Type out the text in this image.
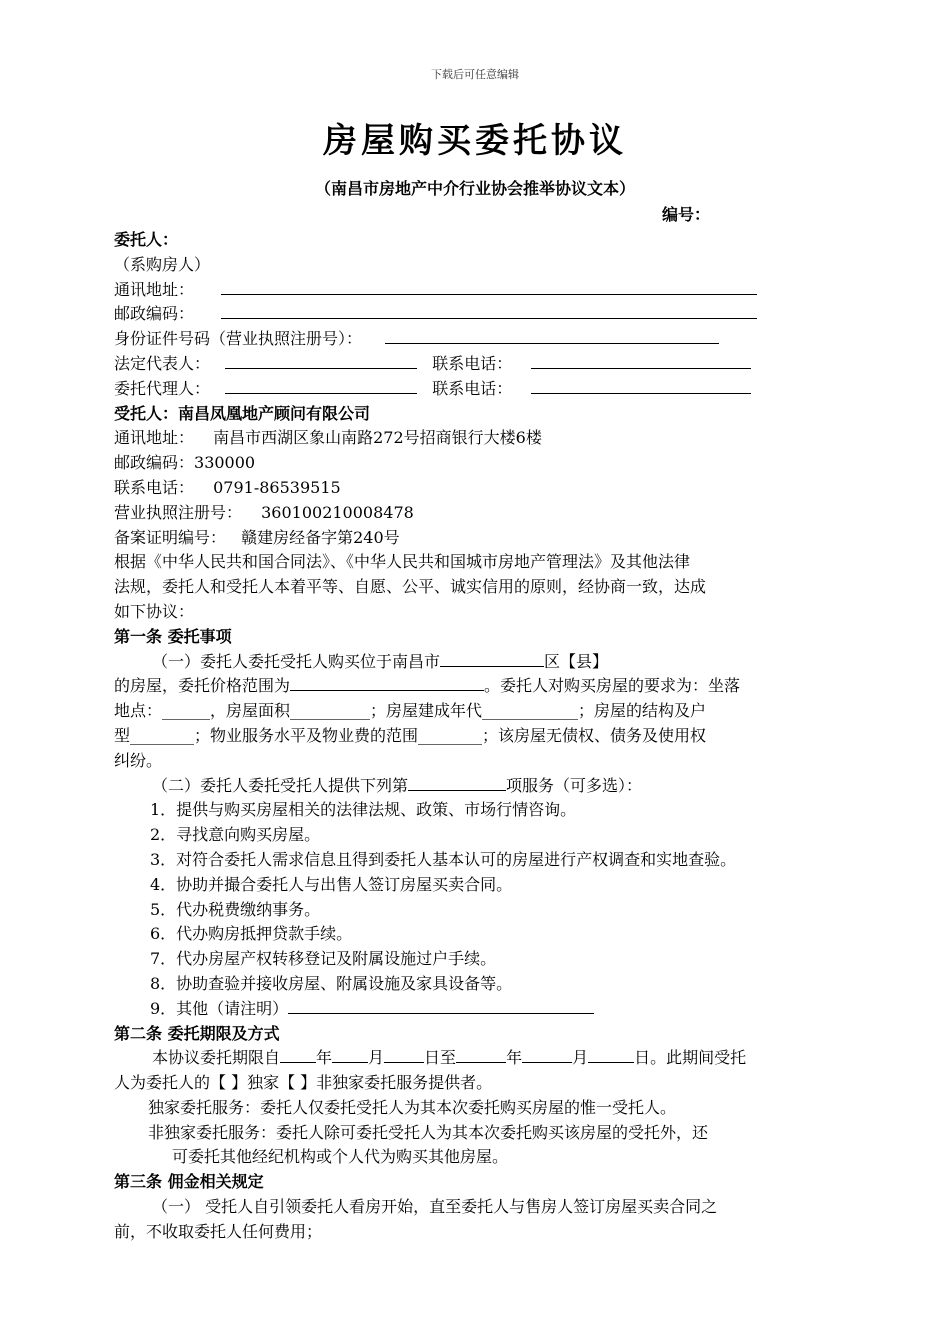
下载后可任意编辑
房屋购买委托协议
（南昌市房地产中介行业协会推举协议文本）
编号：
委托人：
（系购房人）
通讯地址：
邮政编码：
身份证件号码（营业执照注册号）：
法定代表人：	联系电话：
委托代理人：	联系电话：
受托人：南昌凤凰地产顾问有限公司
通讯地址： 南昌市西湖区象山南路272号招商银行大楼6楼
邮政编码：330000
联系电话： 0791-86539515
营业执照注册号： 360100210008478
备案证明编号： 赣建房经备字第240号
根据《中华人民共和国合同法》、《中华人民共和国城市房地产管理法》及其他法律
法规，委托人和受托人本着平等、自愿、公平、诚实信用的原则，经协商一致，达成
如下协议：
第一条 委托事项
（一）委托人委托受托人购买位于南昌市	区【县】
的房屋，委托价格范围为	。委托人对购买房屋的要求为：坐落
地点：______，房屋面积__________；房屋建成年代____________；房屋的结构及户
型________；物业服务水平及物业费的范围________；该房屋无债权、债务及使用权
纠纷。
（二）委托人委托受托人提供下列第	项服务（可多选）：
1．提供与购买房屋相关的法律法规、政策、市场行情咨询。
2．寻找意向购买房屋。
3．对符合委托人需求信息且得到委托人基本认可的房屋进行产权调查和实地查验。
4．协助并撮合委托人与出售人签订房屋买卖合同。
5．代办税费缴纳事务。
6．代办购房抵押贷款手续。
7．代办房屋产权转移登记及附属设施过户手续。
8．协助查验并接收房屋、附属设施及家具设备等。
9．其他（请注明）
第二条 委托期限及方式
本协议委托期限自 年 月	日至	年	月	日。此期间受托
人为委托人的【 】独家【 】非独家委托服务提供者。
独家委托服务：委托人仅委托受托人为其本次委托购买房屋的惟一受托人。
非独家委托服务：委托人除可委托受托人为其本次委托购买该房屋的受托外，还
可委托其他经纪机构或个人代为购买其他房屋。
第三条 佣金相关规定
（一） 受托人自引领委托人看房开始，直至委托人与售房人签订房屋买卖合同之
前，不收取委托人任何费用；
